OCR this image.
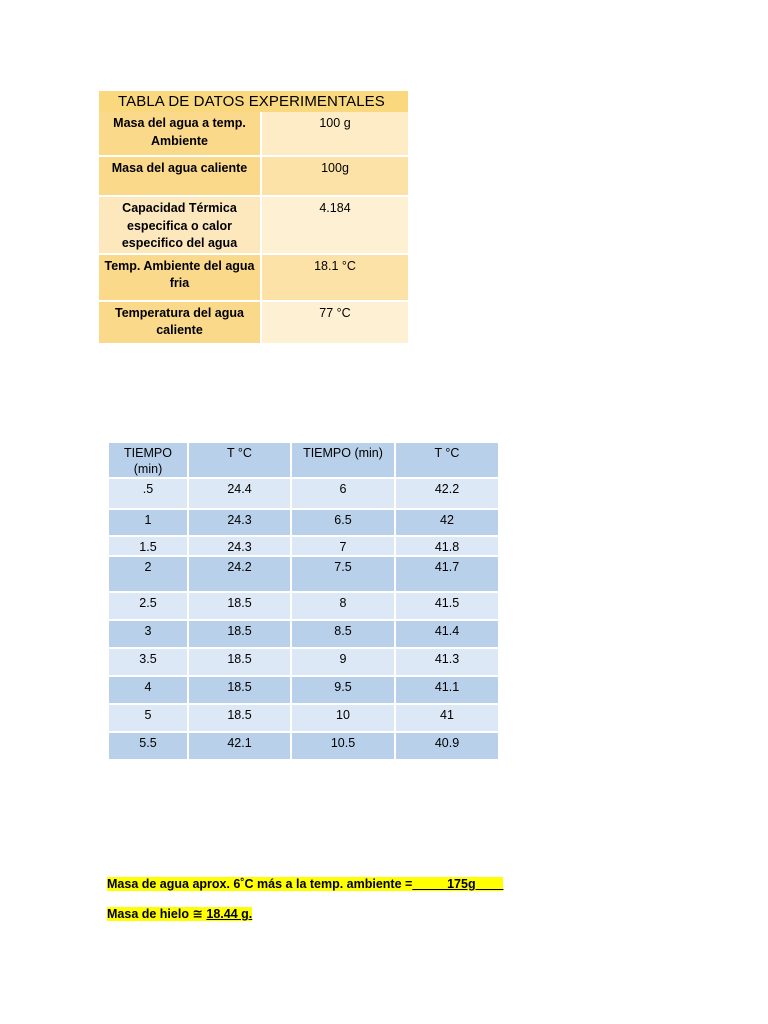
TABLA DE DATOS EXPERIMENTALES	
Masa del agua a temp. Ambiente	100 g
Masa del agua caliente	100g
Capacidad Térmica especifica o calor especifico del agua	4.184
Temp. Ambiente del agua fria	18.1 °C
Temperatura del agua caliente	77 °C
TIEMPO (min)	T °C	TIEMPO (min)	T °C
.5	24.4	6	42.2
1	24.3	6.5	42
1.5	24.3	7	41.8
2	24.2	7.5	41.7
2.5	18.5	8	41.5
3	18.5	8.5	41.4
3.5	18.5	9	41.3
4	18.5	9.5	41.1
5	18.5	10	41
5.5	42.1	10.5	40.9
Masa de agua aprox. 6˚C más a la temp. ambiente =_____175g____
Masa de hielo ≅ 18.44 g.
